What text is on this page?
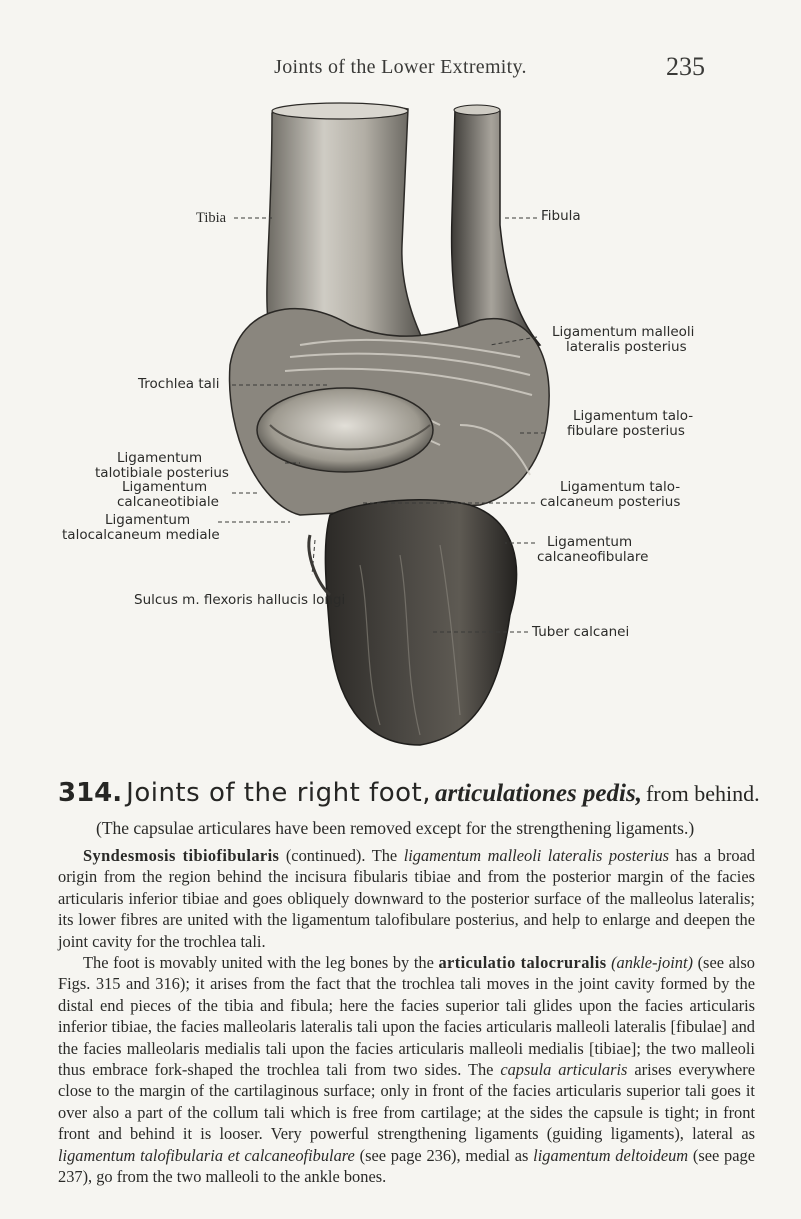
Joints of the Lower Extremity.	235
Tibia	Fibula
Ligamentum malleoli
lateralis posterius
Trochlea tali
Ligamentum talo-
fibulare posterius
Ligamentum
talotibiale posterius
Ligamentum
calcaneotibiale
Ligamentum talo-
calcaneum posterius
Ligamentum
talocalcaneum mediale	Ligamentum
calcaneofibulare
Sulcus m. flexoris hallucis longi
Tuber calcanei
314. Joints of the right foot, articulationes pedis, from behind.
(The capsulae articulares have been removed except for the strengthening ligaments.)

Syndesmosis tibiofibularis (continued). The ligamentum malleoli lateralis posterius has a broad origin from the region behind the incisura fibularis tibiae and from the posterior margin of the facies articularis inferior tibiae and goes obliquely downward to the posterior surface of the malleolus lateralis; its lower fibres are united with the ligamentum talofibulare posterius, and help to enlarge and deepen the joint cavity for the trochlea tali.

The foot is movably united with the leg bones by the articulatio talocruralis (ankle-joint) (see also Figs. 315 and 316); it arises from the fact that the trochlea tali moves in the joint cavity formed by the distal end pieces of the tibia and fibula; here the facies superior tali glides upon the facies articularis inferior tibiae, the facies malleolaris lateralis tali upon the facies articularis malleoli lateralis [fibulae] and the facies malleolaris medialis tali upon the facies articularis malleoli medialis [tibiae]; the two malleoli thus embrace fork-shaped the trochlea tali from two sides. The capsula articularis arises everywhere close to the margin of the cartilaginous surface; only in front of the facies articularis superior tali goes it over also a part of the collum tali which is free from cartilage; at the sides the capsule is tight; in front front and behind it is looser. Very powerful strengthening ligaments (guiding ligaments), lateral as ligamentum talofibularia et calcaneofibulare (see page 236), medial as ligamentum deltoideum (see page 237), go from the two malleoli to the ankle bones.
